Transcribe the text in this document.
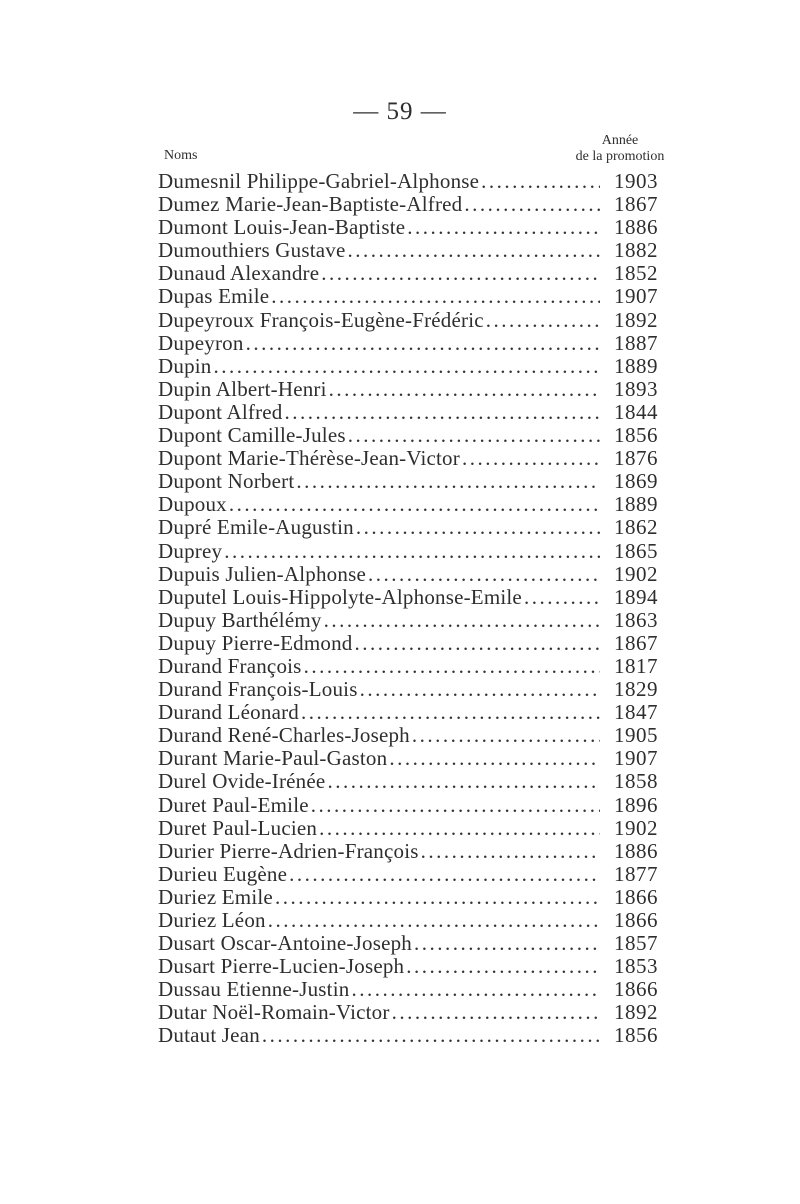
— 59 —
Noms
Année
de la promotion
Dumesnil Philippe-Gabriel-Alphonse .....	1903
Dumez Marie-Jean-Baptiste-Alfred .....	1867
Dumont Louis-Jean-Baptiste .....	1886
Dumouthiers Gustave .....	1882
Dunaud Alexandre .....	1852
Dupas Emile .....	1907
Dupeyroux François-Eugène-Frédéric .....	1892
Dupeyron .....	1887
Dupin .....	1889
Dupin Albert-Henri .....	1893
Dupont Alfred .....	1844
Dupont Camille-Jules .....	1856
Dupont Marie-Thérèse-Jean-Victor .....	1876
Dupont Norbert .....	1869
Dupoux .....	1889
Dupré Emile-Augustin .....	1862
Duprey .....	1865
Dupuis Julien-Alphonse .....	1902
Duputel Louis-Hippolyte-Alphonse-Emile .....	1894
Dupuy Barthélémy .....	1863
Dupuy Pierre-Edmond .....	1867
Durand François .....	1817
Durand François-Louis .....	1829
Durand Léonard .....	1847
Durand René-Charles-Joseph .....	1905
Durant Marie-Paul-Gaston .....	1907
Durel Ovide-Irénée .....	1858
Duret Paul-Emile .....	1896
Duret Paul-Lucien .....	1902
Durier Pierre-Adrien-François .....	1886
Durieu Eugène .....	1877
Duriez Emile .....	1866
Duriez Léon .....	1866
Dusart Oscar-Antoine-Joseph .....	1857
Dusart Pierre-Lucien-Joseph .....	1853
Dussau Etienne-Justin .....	1866
Dutar Noël-Romain-Victor .....	1892
Dutaut Jean .....	1856
